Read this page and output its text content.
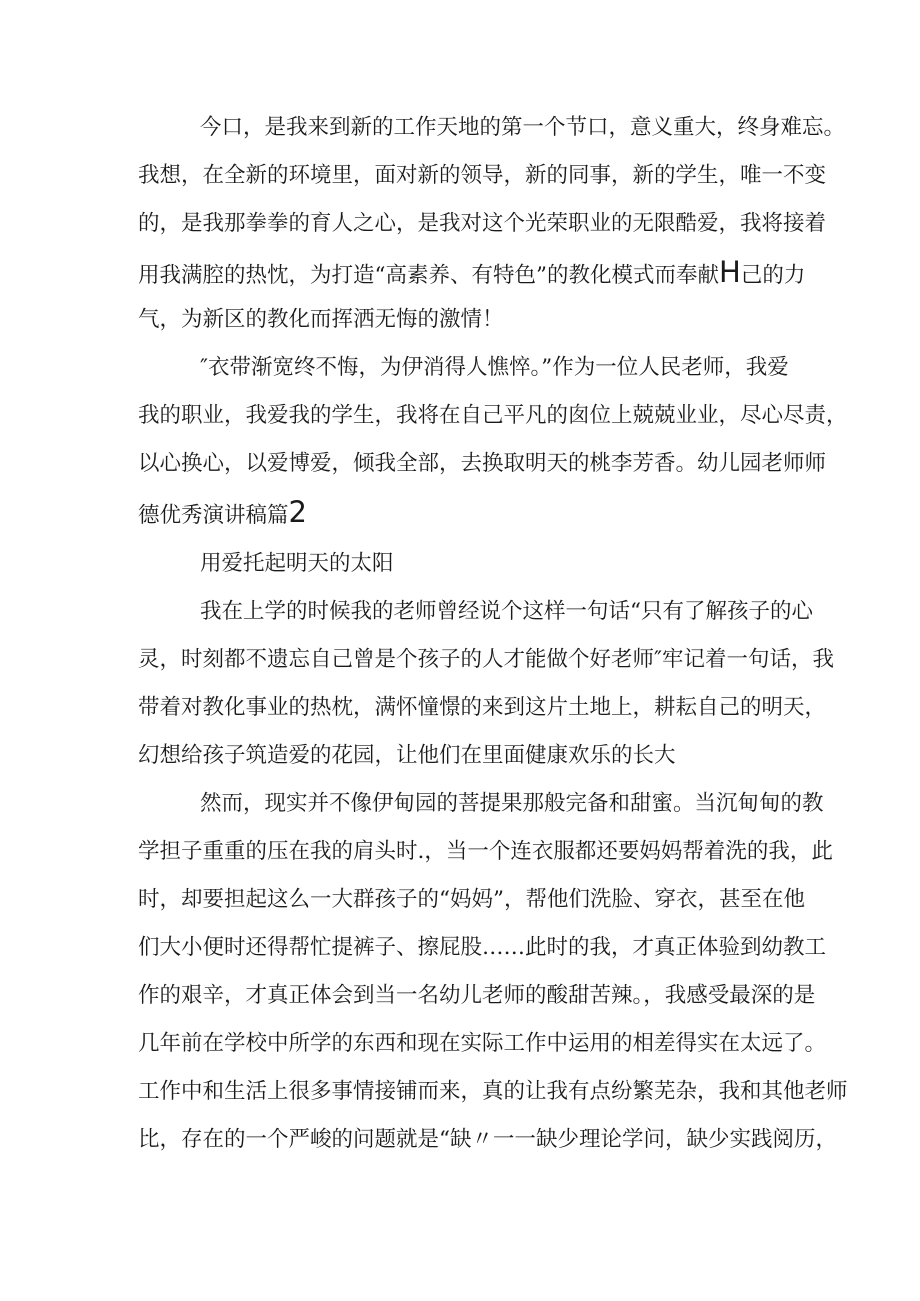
今口，是我来到新的工作天地的第一个节口，意义重大，终身难忘。
我想，在全新的环境里，面对新的领导，新的同事，新的学生，唯一不变
的，是我那拳拳的育人之心，是我对这个光荣职业的无限酷爱，我将接着
用我满腔的热忱，为打造“高素养、有特色”的教化模式而奉献H己的力
气，为新区的教化而挥洒无悔的激情！
″衣带渐宽终不悔，为伊消得人憔悴。”作为一位人民老师，我爱
我的职业，我爱我的学生，我将在自己平凡的囱位上兢兢业业，尽心尽责，
以心换心，以爱博爱，倾我全部，去换取明天的桃李芳香。幼儿园老师师
德优秀演讲稿篇2
用爱托起明天的太阳
我在上学的时候我的老师曾经说个这样一句话“只有了解孩子的心
灵，时刻都不遗忘自己曾是个孩子的人才能做个好老师″牢记着一句话，我
带着对教化事业的热枕，满怀憧憬的来到这片土地上，耕耘自己的明天，
幻想给孩子筑造爱的花园，让他们在里面健康欢乐的长大
然而，现实并不像伊甸园的菩提果那般完备和甜蜜。当沉甸甸的教
学担子重重的压在我的肩头时.，当一个连衣服都还要妈妈帮着洗的我，此
时，却要担起这么一大群孩子的“妈妈”，帮他们洗脸、穿衣，甚至在他
们大小便时还得帮忙提裤子、擦屁股……此时的我，才真正体验到幼教工
作的艰辛，才真正体会到当一名幼儿老师的酸甜苦辣。，我感受最深的是
几年前在学校中所学的东西和现在实际工作中运用的相差得实在太远了。
工作中和生活上很多事情接铺而来，真的让我有点纷繁芜杂，我和其他老师
比，存在的一个严峻的问题就是“缺〃一一缺少理论学问，缺少实践阅历，
